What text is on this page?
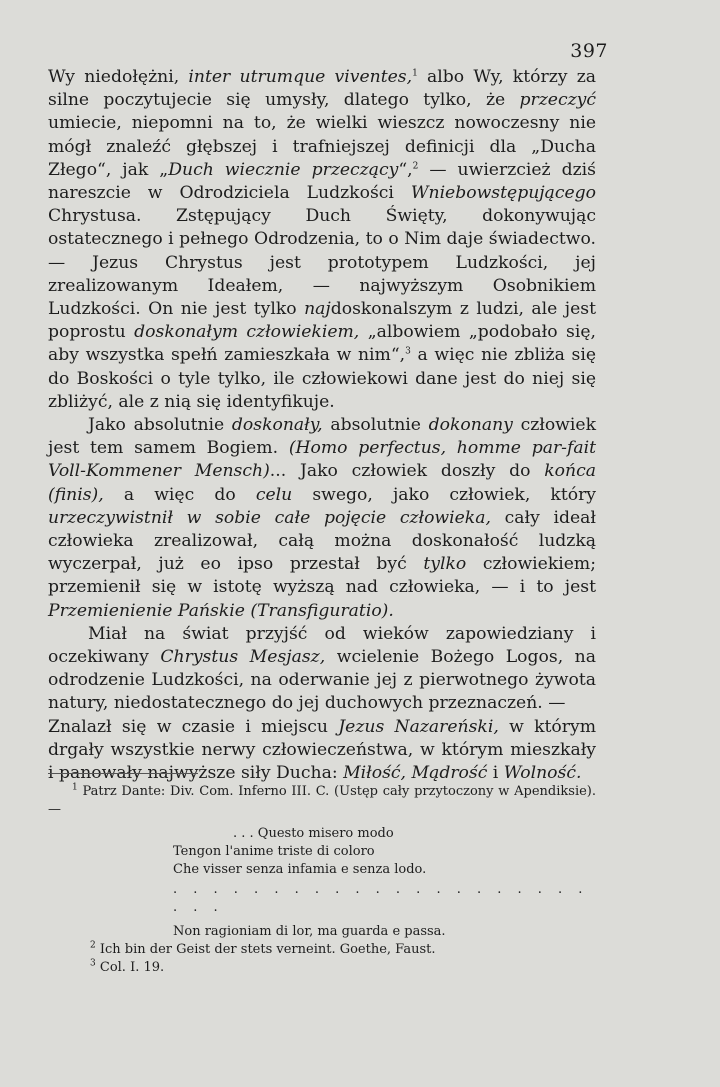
397

Wy niedołężni, inter utrumque viventes,$^1$ albo Wy, którzy za silne poczytujecie się umysły, dlatego tylko, że przeczyć umiecie, niepomni na to, że wielki wieszcz nowoczesny nie mógł znaleźć głębszej i trafniejszej definicji dla „Ducha Złego“, jak „Duch wiecznie przeczący“,$^2$ — uwierzcież dziś nareszcie w Odrodziciela Ludzkości Wniebowstępującego Chrystusa. Zstępujący Duch Święty, dokonywując ostatecznego i pełnego Odrodzenia, to o Nim daje świadectwo. — Jezus Chrystus jest prototypem Ludzkości, jej zrealizowanym Ideałem, — najwyższym Osobnikiem Ludzkości. On nie jest tylko najdoskonalszym z ludzi, ale jest poprostu doskonałym człowiekiem, „albowiem „podobało się, aby wszystka spełń zamieszkała w nim“,$^3$ a więc nie zbliża się do Boskości o tyle tylko, ile człowiekowi dane jest do niej się zbliżyć, ale z nią się identyfikuje.

Jako absolutnie doskonały, absolutnie dokonany człowiek jest tem samem Bogiem. (Homo perfectus, homme par-fait Voll-Kommener Mensch)... Jako człowiek doszły do końca (finis), a więc do celu swego, jako człowiek, który urzeczywistnił w sobie całe pojęcie człowieka, cały ideał człowieka zrealizował, całą można doskonałość ludzką wyczerpał, już eo ipso przestał być tylko człowiekiem; przemienił się w istotę wyższą nad człowieka, — i to jest Przemienienie Pańskie (Transfiguratio).

Miał na świat przyjść od wieków zapowiedziany i oczekiwany Chrystus Mesjasz, wcielenie Bożego Logos, na odrodzenie Ludzkości, na oderwanie jej z pierwotnego żywota natury, niedostatecznego do jej duchowych przeznaczeń. —

Znalazł się w czasie i miejscu Jezus Nazareński, w którym drgały wszystkie nerwy człowieczeństwa, w którym mieszkały i panowały najwyższe siły Ducha: Miłość, Mądrość i Wolność.

$^1$ Patrz Dante: Div. Com. Inferno III. C. (Ustęp cały przytoczony w Apendiksie). —
. . . Questo misero modo
Tengon l'anime triste di coloro
Che visser senza infamia e senza lodo.
. . . . . . . . . . . . . . . . . . . . . . . .
Non ragioniam di lor, ma guarda e passa.
$^2$ Ich bin der Geist der stets verneint. Goethe, Faust.
$^3$ Col. I. 19.
